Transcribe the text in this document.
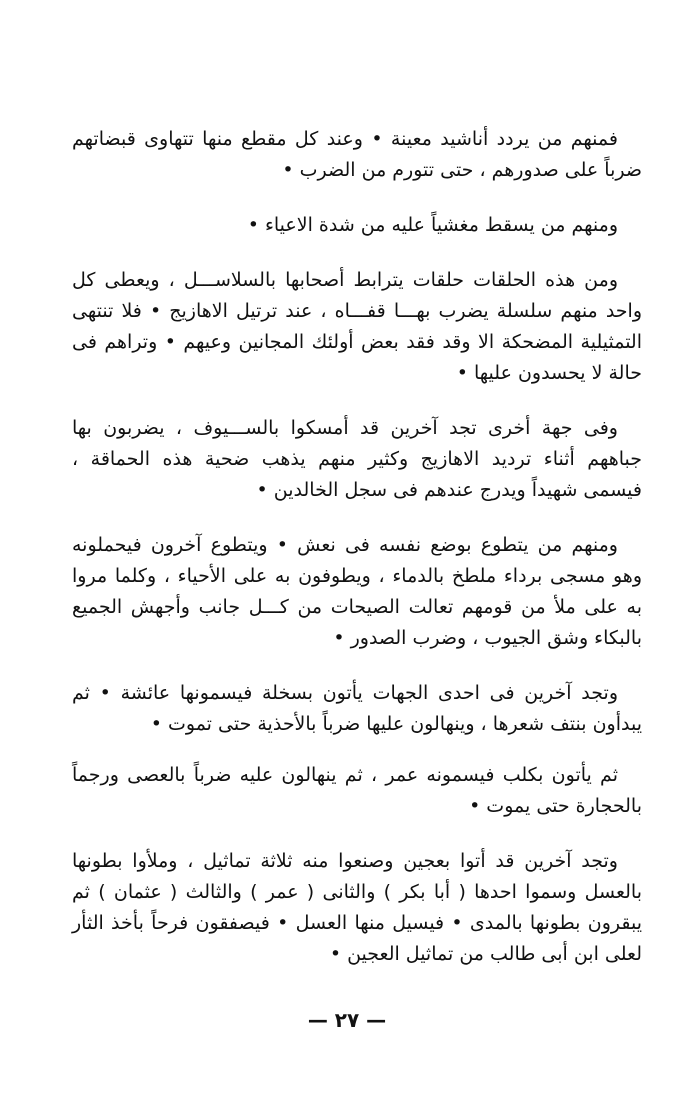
فمنهم من يردد أناشيد معينة • وعند كل مقطع منها تتهاوى قبضاتهم ضرباً على صدورهم ، حتى تتورم من الضرب •

ومنهم من يسقط مغشياً عليه من شدة الاعياء •

ومن هذه الحلقات حلقات يترابط أصحابها بالسلاســـل ، ويعطى كل واحد منهم سلسلة يضرب بهـــا قفـــاه ، عند ترتيل الاهازيج • فلا تنتهى التمثيلية المضحكة الا وقد فقد بعض أولئك المجانين وعيهم • وتراهم فى حالة لا يحسدون عليها •

وفى جهة أخرى تجد آخرين قد أمسكوا بالســـيوف ، يضربون بها جباههم أثناء ترديد الاهازيج وكثير منهم يذهب ضحية هذه الحماقة ، فيسمى شهيداً ويدرج عندهم فى سجل الخالدين •

ومنهم من يتطوع بوضع نفسه فى نعش • ويتطوع آخرون فيحملونه وهو مسجى برداء ملطخ بالدماء ، ويطوفون به على الأحياء ، وكلما مروا به على ملأ من قومهم تعالت الصيحات من كـــل جانب وأجهش الجميع بالبكاء وشق الجيوب ، وضرب الصدور •

وتجد آخرين فى احدى الجهات يأتون بسخلة فيسمونها عائشة • ثم يبدأون بنتف شعرها ، وينهالون عليها ضرباً بالأحذية حتى تموت •

ثم يأتون بكلب فيسمونه عمر ، ثم ينهالون عليه ضرباً بالعصى ورجماً بالحجارة حتى يموت •

وتجد آخرين قد أتوا بعجين وصنعوا منه ثلاثة تماثيل ، وملأوا بطونها بالعسل وسموا احدها ( أبا بكر ) والثانى ( عمر ) والثالث ( عثمان ) ثم يبقرون بطونها بالمدى • فيسيل منها العسل • فيصفقون فرحاً بأخذ الثأر لعلى ابن أبى طالب من تماثيل العجين •

— ٢٧ —
